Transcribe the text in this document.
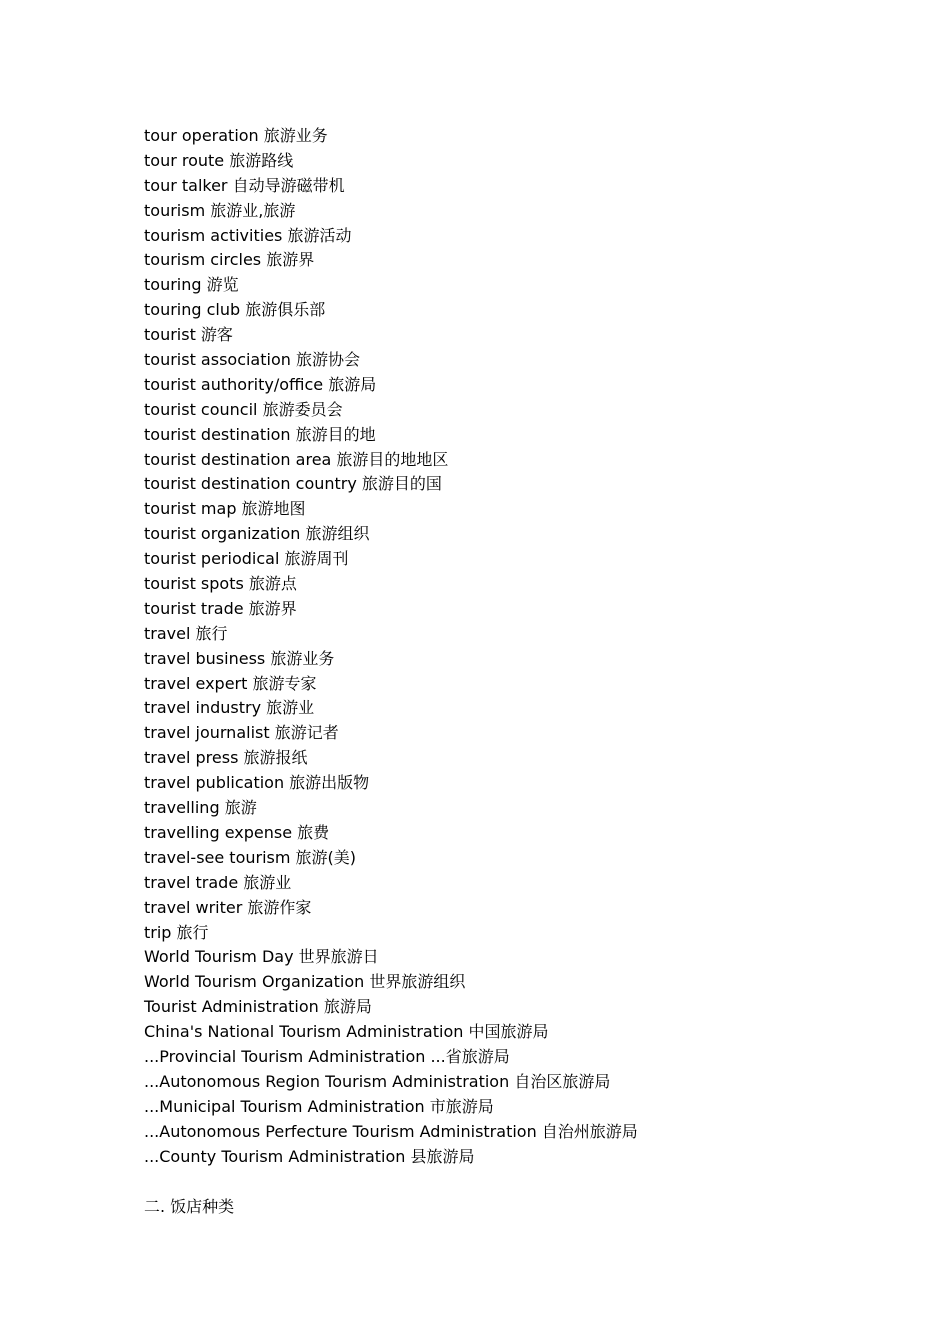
tour operation 旅游业务
tour route 旅游路线
tour talker 自动导游磁带机
tourism 旅游业,旅游
tourism activities 旅游活动
tourism circles 旅游界
touring 游览
touring club 旅游俱乐部
tourist 游客
tourist association 旅游协会
tourist authority/office 旅游局
tourist council 旅游委员会
tourist destination 旅游目的地
tourist destination area 旅游目的地地区
tourist destination country 旅游目的国
tourist map 旅游地图
tourist organization 旅游组织
tourist periodical 旅游周刊
tourist spots 旅游点
tourist trade 旅游界
travel 旅行
travel business 旅游业务
travel expert 旅游专家
travel industry 旅游业
travel journalist 旅游记者
travel press 旅游报纸
travel publication 旅游出版物
travelling 旅游
travelling expense 旅费
travel-see tourism 旅游(美)
travel trade 旅游业
travel writer 旅游作家
trip 旅行
World Tourism Day 世界旅游日
World Tourism Organization 世界旅游组织
Tourist Administration 旅游局
China's National Tourism Administration 中国旅游局
...Provincial Tourism Administration ...省旅游局
...Autonomous Region Tourism Administration 自治区旅游局
...Municipal Tourism Administration 市旅游局
...Autonomous Perfecture Tourism Administration 自治州旅游局
...County Tourism Administration 县旅游局
二. 饭店种类
